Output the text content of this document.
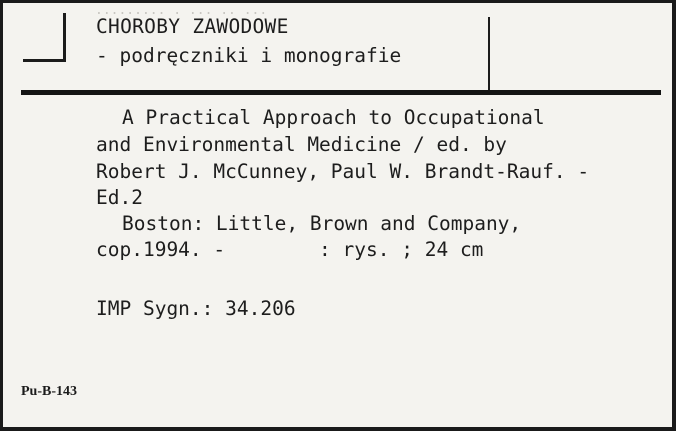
......... . ... .. ...
CHOROBY ZAWODOWE
- podręczniki i monografie
A Practical Approach to Occupational
and Environmental Medicine / ed. by
Robert J. McCunney, Paul W. Brandt-Rauf. -
Ed.2
Boston: Little, Brown and Company,
cop.1994. -        : rys. ; 24 cm
IMP Sygn.: 34.206
Pu-B-143
